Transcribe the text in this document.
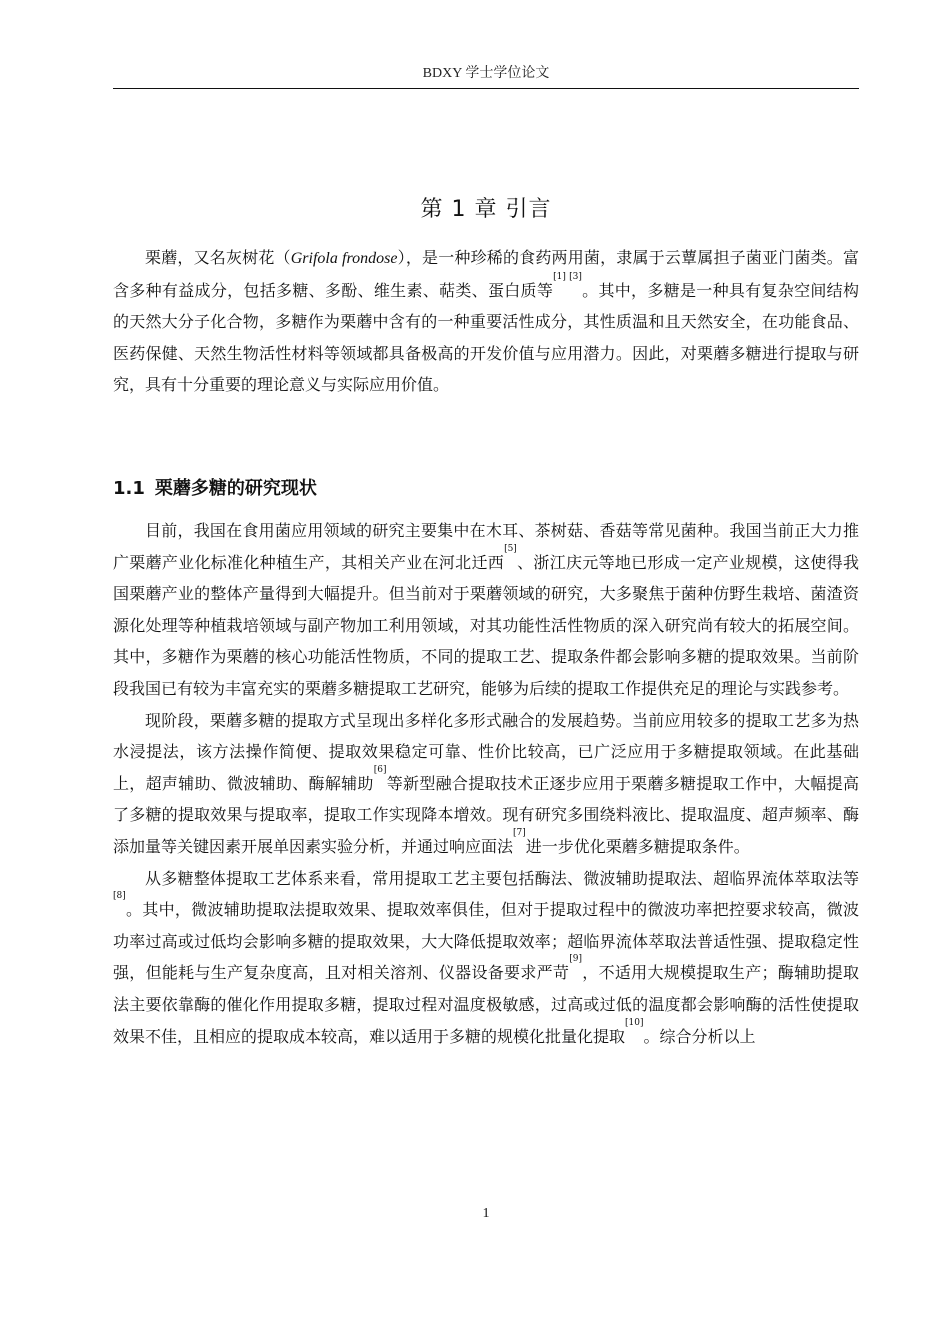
BDXY 学士学位论文
第 1 章 引言

栗蘑，又名灰树花（Grifola frondose），是一种珍稀的食药两用菌，隶属于云蕈属担子菌亚门菌类。富含多种有益成分，包括多糖、多酚、维生素、萜类、蛋白质等[1] [3]。其中，多糖是一种具有复杂空间结构的天然大分子化合物，多糖作为栗蘑中含有的一种重要活性成分，其性质温和且天然安全，在功能食品、医药保健、天然生物活性材料等领域都具备极高的开发价值与应用潜力。因此，对栗蘑多糖进行提取与研究，具有十分重要的理论意义与实际应用价值。

1.1 栗蘑多糖的研究现状

目前，我国在食用菌应用领域的研究主要集中在木耳、茶树菇、香菇等常见菌种。我国当前正大力推广栗蘑产业化标准化种植生产，其相关产业在河北迁西[5]、浙江庆元等地已形成一定产业规模，这使得我国栗蘑产业的整体产量得到大幅提升。但当前对于栗蘑领域的研究，大多聚焦于菌种仿野生栽培、菌渣资源化处理等种植栽培领域与副产物加工利用领域，对其功能性活性物质的深入研究尚有较大的拓展空间。其中，多糖作为栗蘑的核心功能活性物质，不同的提取工艺、提取条件都会影响多糖的提取效果。当前阶段我国已有较为丰富充实的栗蘑多糖提取工艺研究，能够为后续的提取工作提供充足的理论与实践参考。

现阶段，栗蘑多糖的提取方式呈现出多样化多形式融合的发展趋势。当前应用较多的提取工艺多为热水浸提法，该方法操作简便、提取效果稳定可靠、性价比较高，已广泛应用于多糖提取领域。在此基础上，超声辅助、微波辅助、酶解辅助[6]等新型融合提取技术正逐步应用于栗蘑多糖提取工作中，大幅提高了多糖的提取效果与提取率，提取工作实现降本增效。现有研究多围绕料液比、提取温度、超声频率、酶添加量等关键因素开展单因素实验分析，并通过响应面法[7]进一步优化栗蘑多糖提取条件。

从多糖整体提取工艺体系来看，常用提取工艺主要包括酶法、微波辅助提取法、超临界流体萃取法等[8]。其中，微波辅助提取法提取效果、提取效率俱佳，但对于提取过程中的微波功率把控要求较高，微波功率过高或过低均会影响多糖的提取效果，大大降低提取效率；超临界流体萃取法普适性强、提取稳定性强，但能耗与生产复杂度高，且对相关溶剂、仪器设备要求严苛[9]，不适用大规模提取生产；酶辅助提取法主要依靠酶的催化作用提取多糖，提取过程对温度极敏感，过高或过低的温度都会影响酶的活性使提取效果不佳，且相应的提取成本较高，难以适用于多糖的规模化批量化提取[10]。综合分析以上

1
